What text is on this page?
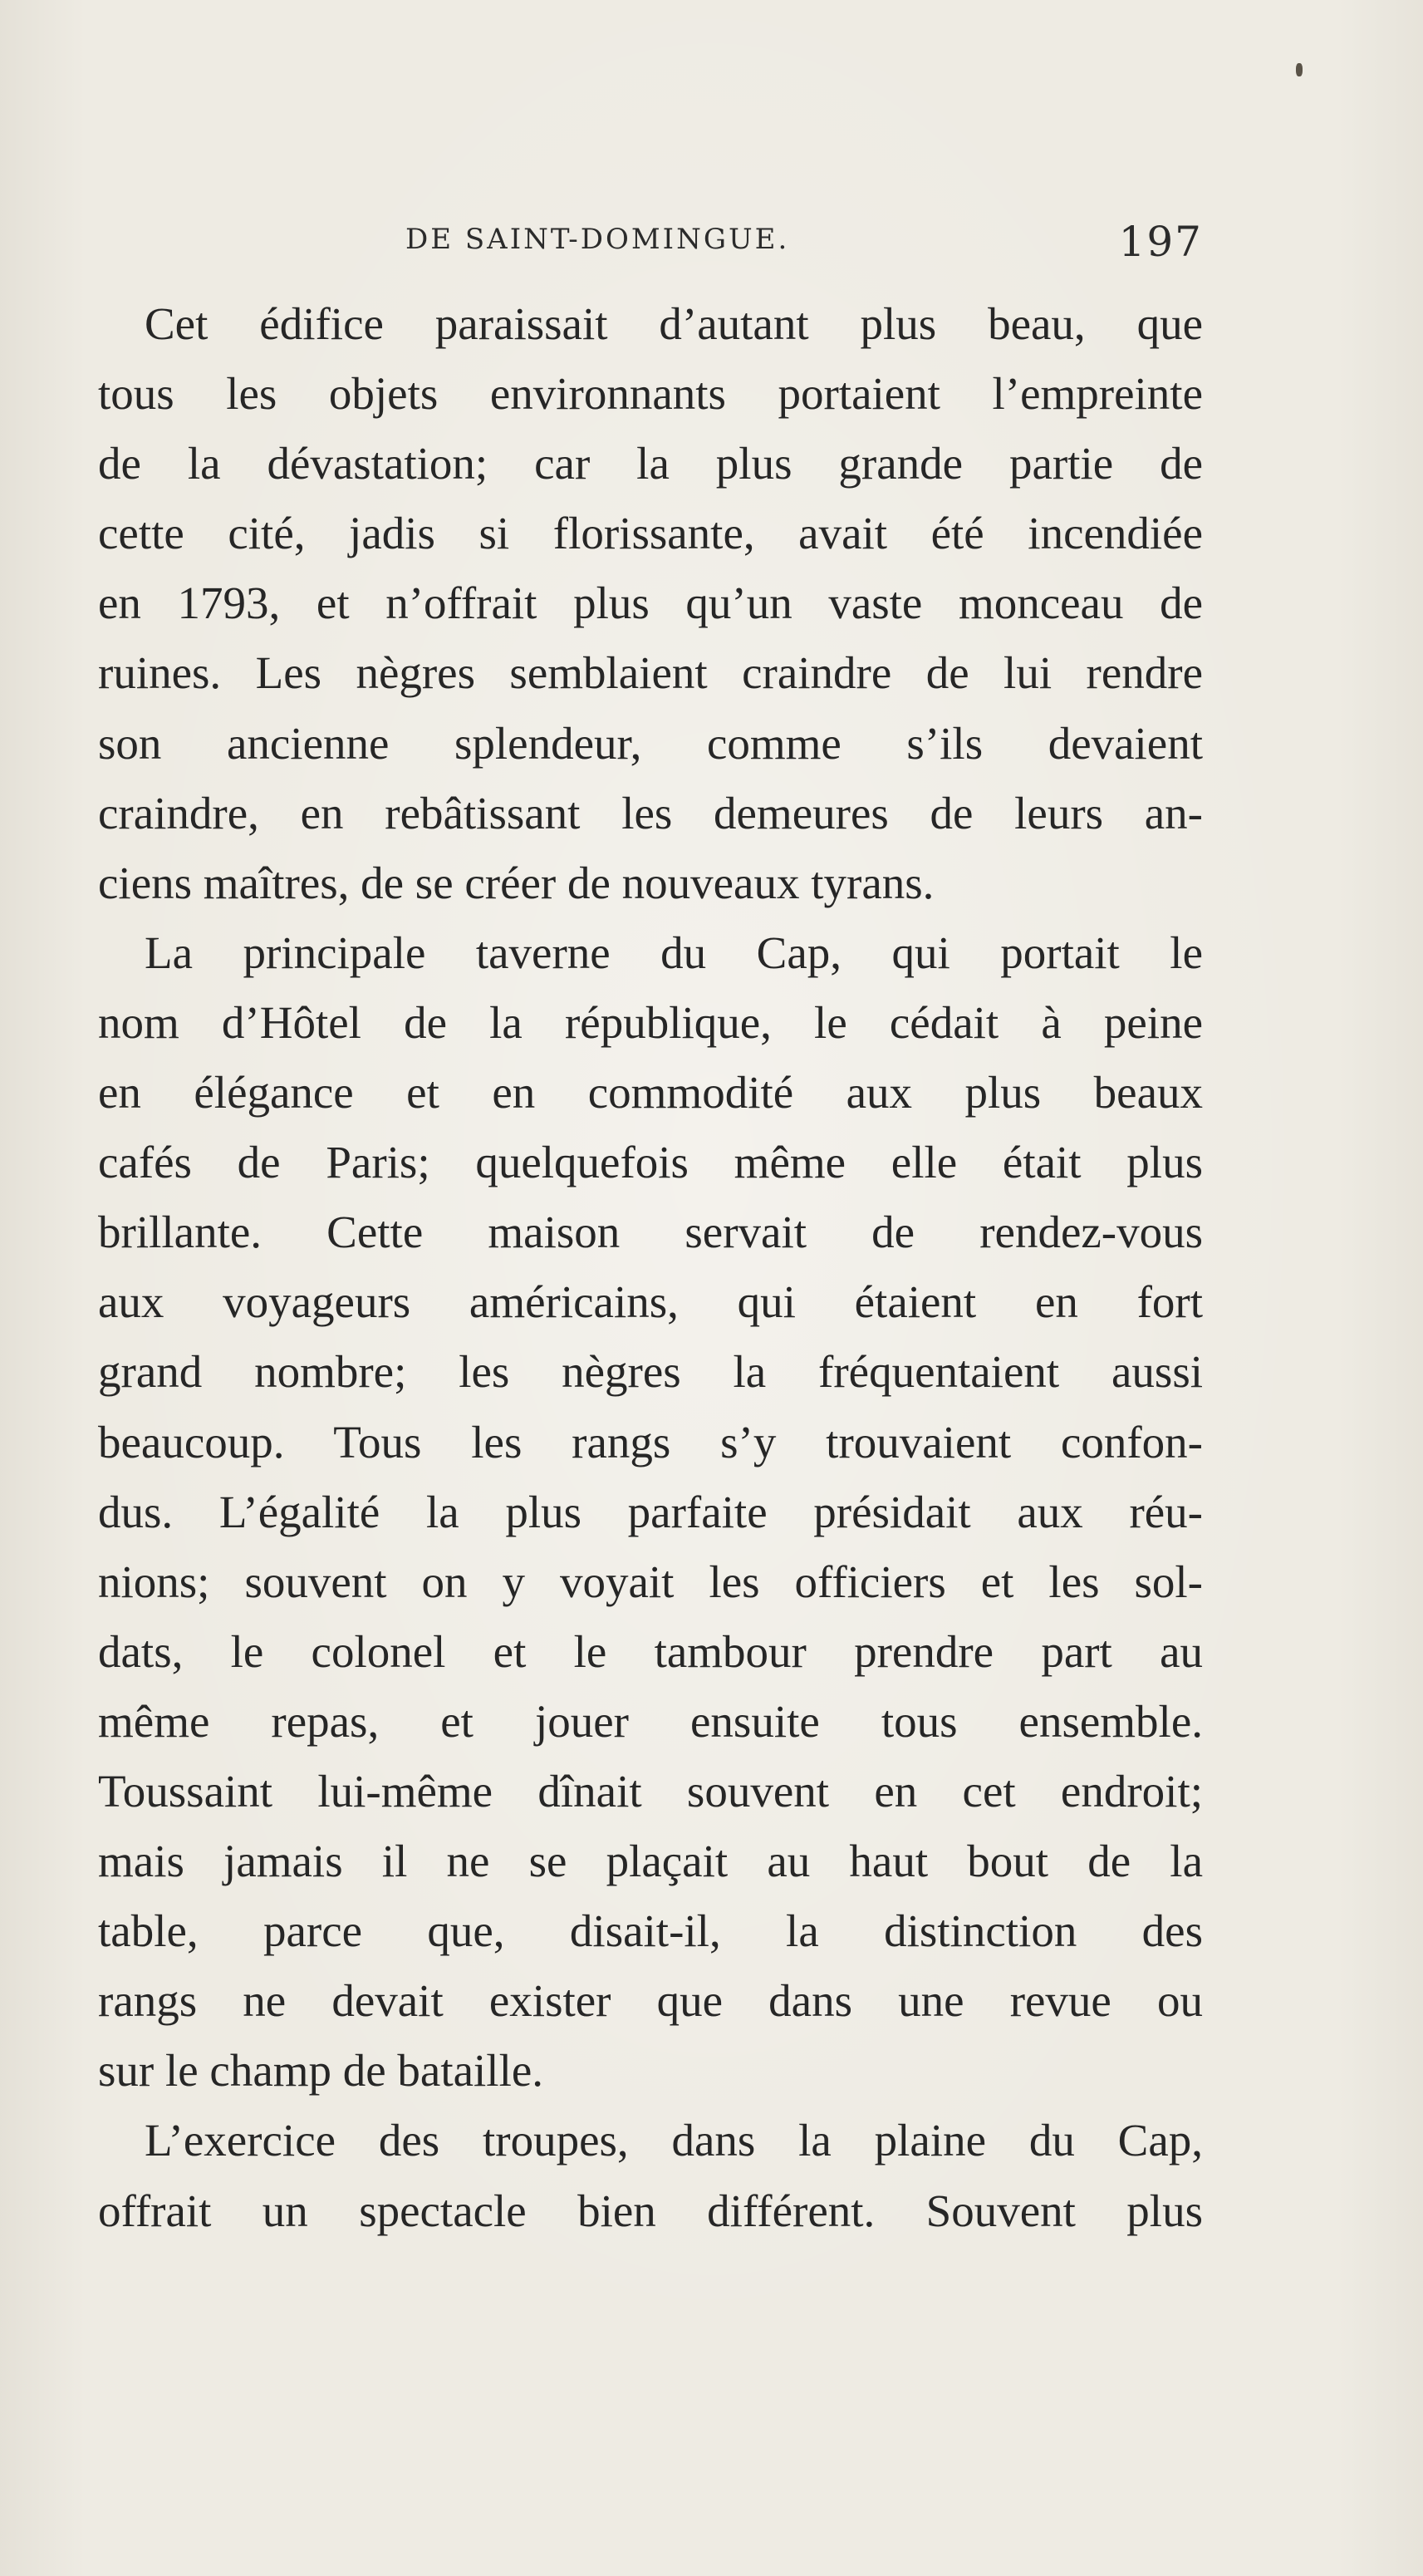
DE SAINT-DOMINGUE.	197

Cet édifice paraissait d’autant plus beau, que
tous les objets environnants portaient l’empreinte
de la dévastation; car la plus grande partie de
cette cité, jadis si florissante, avait été incendiée
en 1793, et n’offrait plus qu’un vaste monceau de
ruines. Les nègres semblaient craindre de lui rendre
son ancienne splendeur, comme s’ils devaient
craindre, en rebâtissant les demeures de leurs an-
ciens maîtres, de se créer de nouveaux tyrans.

La principale taverne du Cap, qui portait le
nom d’Hôtel de la république, le cédait à peine
en élégance et en commodité aux plus beaux
cafés de Paris; quelquefois même elle était plus
brillante. Cette maison servait de rendez-vous
aux voyageurs américains, qui étaient en fort
grand nombre; les nègres la fréquentaient aussi
beaucoup. Tous les rangs s’y trouvaient confon-
dus. L’égalité la plus parfaite présidait aux réu-
nions; souvent on y voyait les officiers et les sol-
dats, le colonel et le tambour prendre part au
même repas, et jouer ensuite tous ensemble.
Toussaint lui-même dînait souvent en cet endroit;
mais jamais il ne se plaçait au haut bout de la
table, parce que, disait-il, la distinction des
rangs ne devait exister que dans une revue ou
sur le champ de bataille.

L’exercice des troupes, dans la plaine du Cap,
offrait un spectacle bien différent. Souvent plus
